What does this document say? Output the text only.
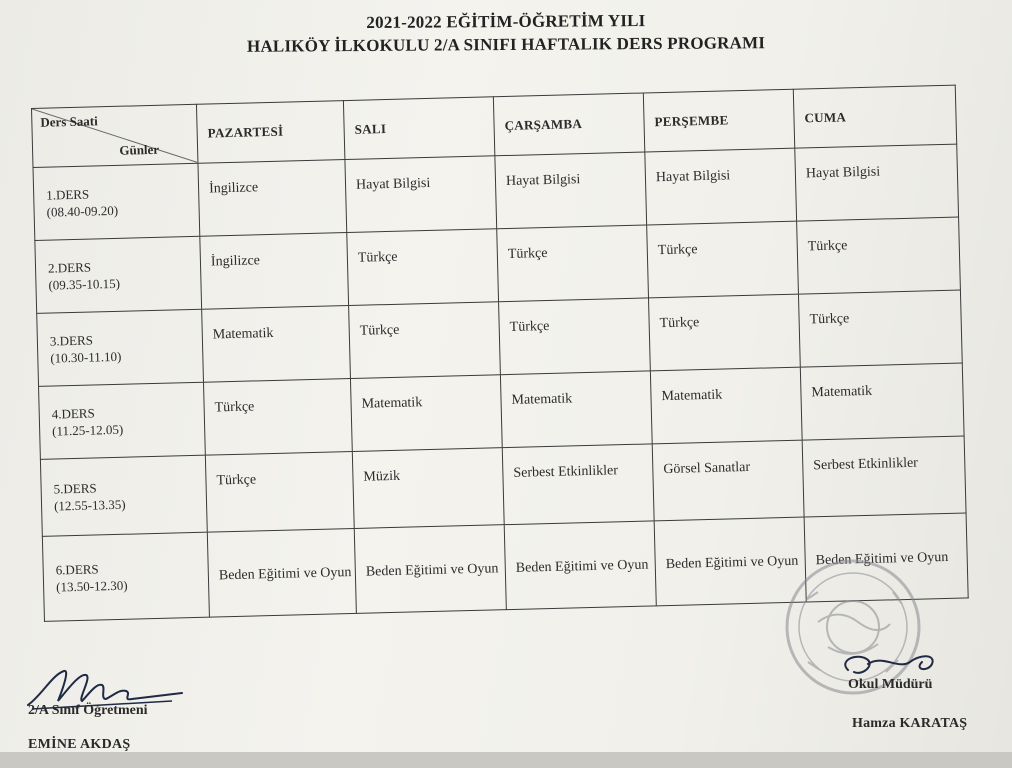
2021-2022 EĞİTİM-ÖĞRETİM YILI
HALIKÖY İLKOKULU 2/A SINIFI HAFTALIK DERS PROGRAMI
Ders Saati
Günler	PAZARTESİ	SALI	ÇARŞAMBA	PERŞEMBE	CUMA

1.DERS
(08.40-09.20)	İngilizce	Hayat Bilgisi	Hayat Bilgisi	Hayat Bilgisi	Hayat Bilgisi

2.DERS
(09.35-10.15)	İngilizce	Türkçe	Türkçe	Türkçe	Türkçe

3.DERS
(10.30-11.10)	Matematik	Türkçe	Türkçe	Türkçe	Türkçe

4.DERS
(11.25-12.05)	Türkçe	Matematik	Matematik	Matematik	Matematik

5.DERS
(12.55-13.35)	Türkçe	Müzik	Serbest Etkinlikler	Görsel Sanatlar	Serbest Etkinlikler

6.DERS
(13.50-12.30)	Beden Eğitimi ve Oyun	Beden Eğitimi ve Oyun	Beden Eğitimi ve Oyun	Beden Eğitimi ve Oyun	Beden Eğitimi ve Oyun
2/A Sınıf Öğretmeni
EMİNE AKDAŞ
Okul Müdürü
Hamza KARATAŞ
